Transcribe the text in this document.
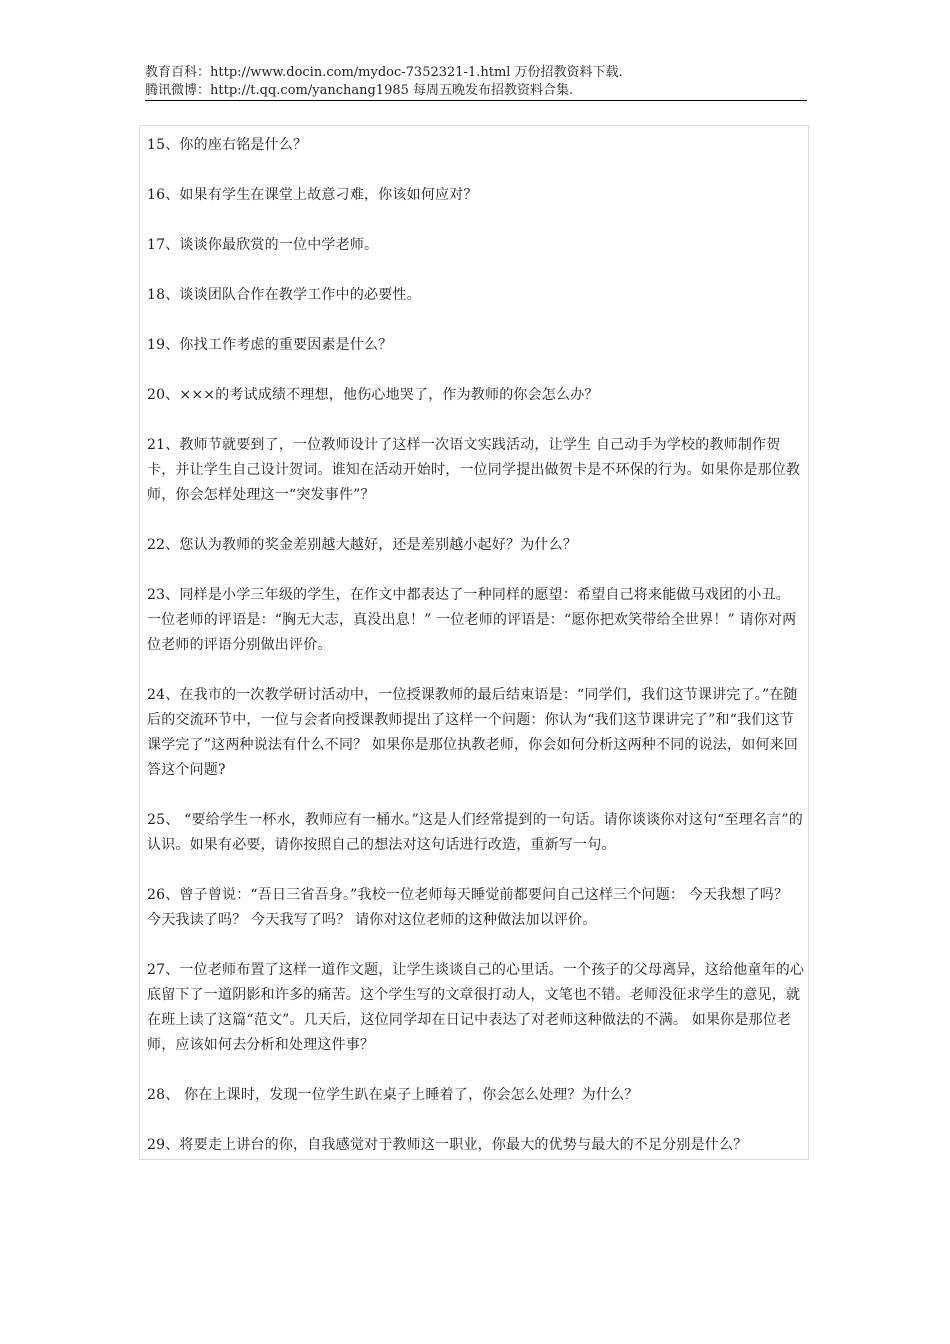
教育百科：http://www.docin.com/mydoc-7352321-1.html 万份招教资料下载.
腾讯微博：http://t.qq.com/yanchang1985 每周五晚发布招教资料合集.
15、你的座右铭是什么？
16、如果有学生在课堂上故意刁难，你该如何应对？
17、谈谈你最欣赏的一位中学老师。
18、谈谈团队合作在教学工作中的必要性。
19、你找工作考虑的重要因素是什么？
20、×××的考试成绩不理想，他伤心地哭了，作为教师的你会怎么办？
21、教师节就要到了，一位教师设计了这样一次语文实践活动，让学生 自己动手为学校的教师制作贺卡，并让学生自己设计贺词。谁知在活动开始时，一位同学提出做贺卡是不环保的行为。如果你是那位教师，你会怎样处理这一“突发事件”？
22、您认为教师的奖金差别越大越好，还是差别越小起好？为什么？
23、同样是小学三年级的学生，在作文中都表达了一种同样的愿望：希望自己将来能做马戏团的小丑。 一位老师的评语是：“胸无大志，真没出息！” 一位老师的评语是：“愿你把欢笑带给全世界！” 请你对两位老师的评语分别做出评价。
24、在我市的一次教学研讨活动中，一位授课教师的最后结束语是：“同学们，我们这节课讲完了。”在随后的交流环节中，一位与会者向授课教师提出了这样一个问题：你认为“我们这节课讲完了”和“我们这节课学完了”这两种说法有什么不同？ 如果你是那位执教老师，你会如何分析这两种不同的说法，如何来回答这个问题?
25、 “要给学生一杯水，教师应有一桶水。”这是人们经常提到的一句话。请你谈谈你对这句“至理名言”的认识。如果有必要，请你按照自己的想法对这句话进行改造，重新写一句。
26、曾子曾说：“吾日三省吾身。”我校一位老师每天睡觉前都要问自己这样三个问题： 今天我想了吗？ 今天我读了吗？ 今天我写了吗？ 请你对这位老师的这种做法加以评价。
27、一位老师布置了这样一道作文题，让学生谈谈自己的心里话。一个孩子的父母离异，这给他童年的心底留下了一道阴影和许多的痛苦。这个学生写的文章很打动人，文笔也不错。老师没征求学生的意见，就在班上读了这篇“范文”。几天后，这位同学却在日记中表达了对老师这种做法的不满。 如果你是那位老师，应该如何去分析和处理这件事？
28、 你在上课时，发现一位学生趴在桌子上睡着了，你会怎么处理？为什么？
29、将要走上讲台的你，自我感觉对于教师这一职业，你最大的优势与最大的不足分别是什么？
